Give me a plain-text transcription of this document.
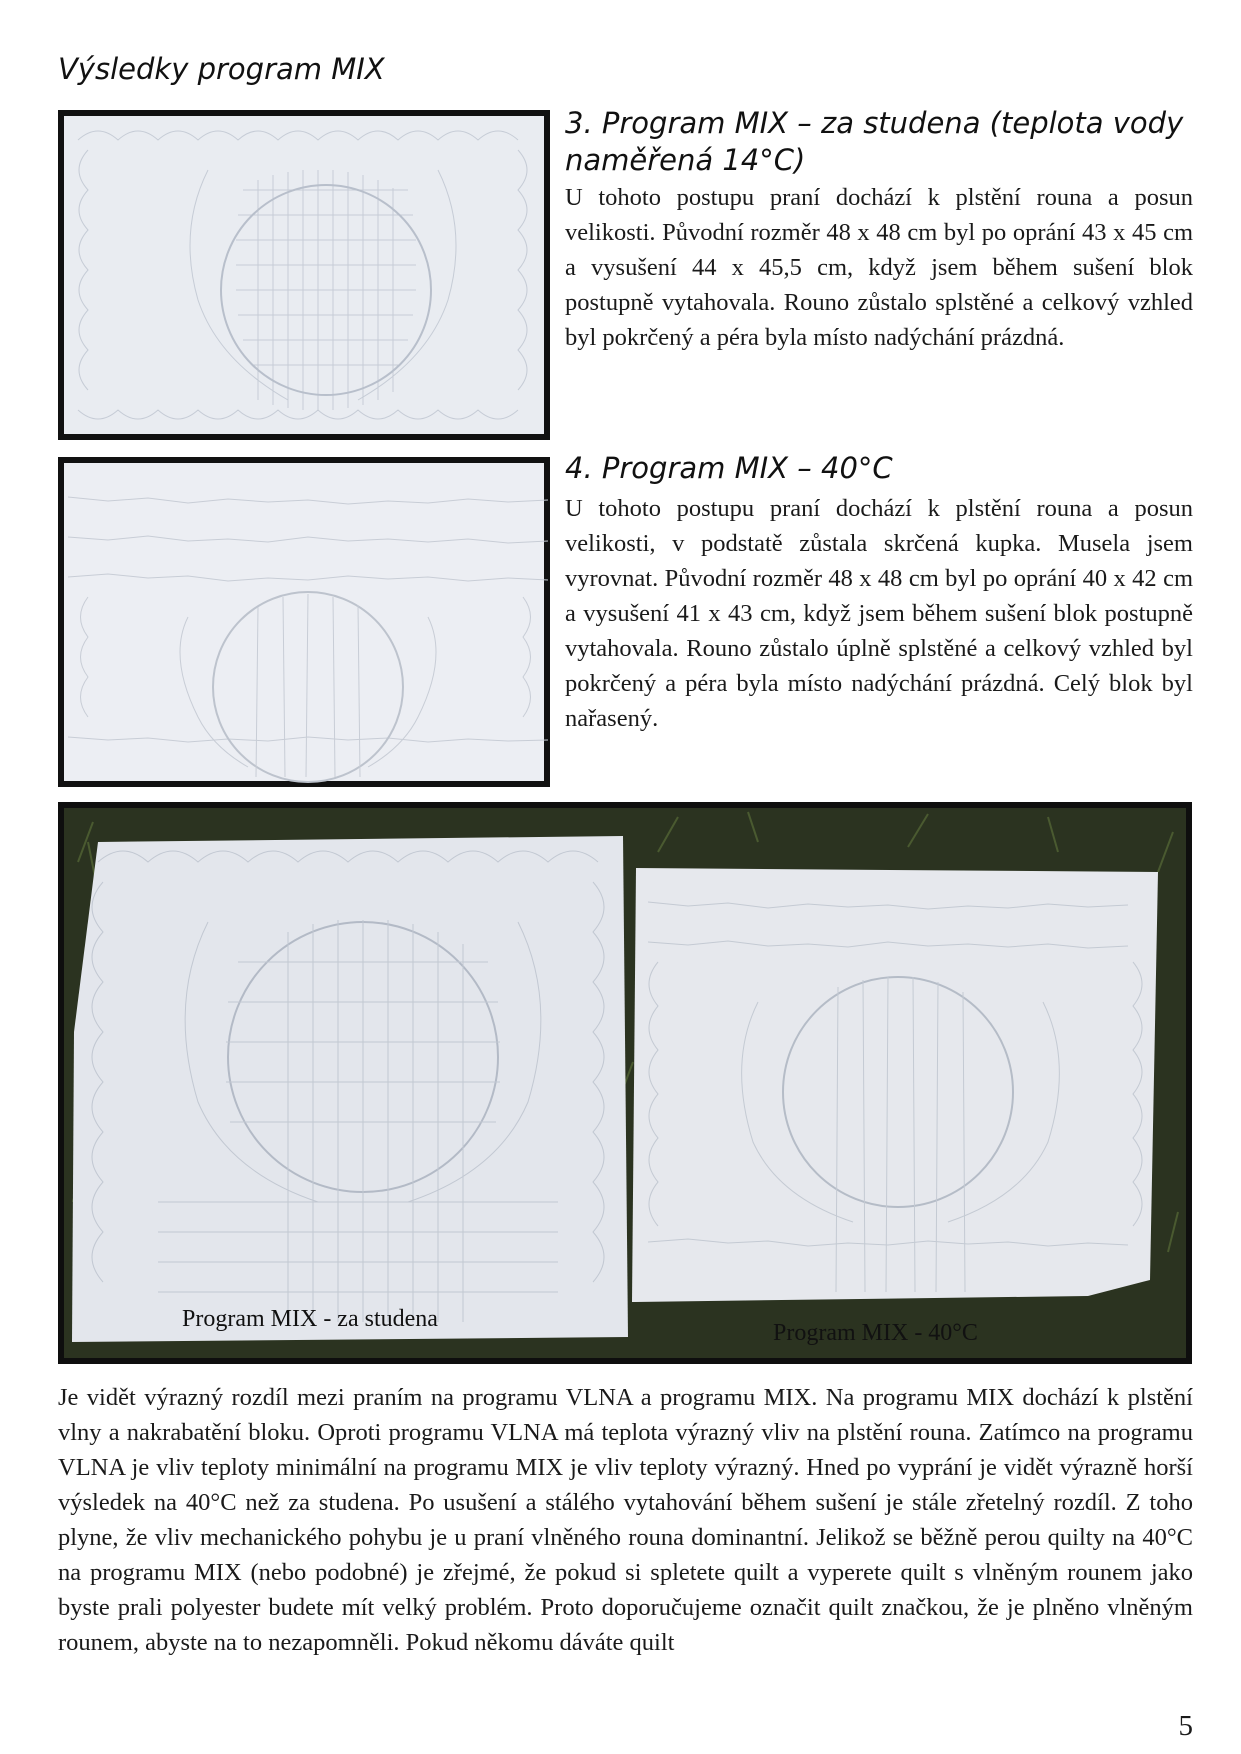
Výsledky program MIX
3. Program MIX – za studena (teplota vody naměřená 14°C)
U tohoto postupu praní dochází k plstění rouna a posun velikosti. Původní rozměr 48 x 48 cm byl po oprání 43 x 45 cm a vysušení 44 x 45,5 cm, když jsem během sušení blok postupně vytahovala. Rouno zůstalo splstěné a celkový vzhled byl pokrčený a péra byla místo nadýchání prázdná.
4. Program MIX – 40°C
U tohoto postupu praní dochází k plstění rouna a posun velikosti, v podstatě zůstala skrčená kupka. Musela jsem vyrovnat. Původní rozměr 48 x 48 cm byl po oprání 40 x 42 cm a vysušení 41 x 43 cm, když jsem během sušení blok postupně vytahovala. Rouno zůstalo úplně splstěné a celkový vzhled byl pokrčený a péra byla místo nadýchání prázdná. Celý blok byl nařasený.
Program MIX - za studena
Program MIX - 40°C
Je vidět výrazný rozdíl mezi praním na programu VLNA a programu MIX. Na programu MIX dochází k plstění vlny a nakrabatění bloku. Oproti programu VLNA má teplota výrazný vliv na plstění rouna. Zatímco na programu VLNA je vliv teploty minimální na programu MIX je vliv teploty výrazný. Hned po vyprání je vidět výrazně horší výsledek na 40°C než za studena. Po usušení a stálého vytahování během sušení je stále zřetelný rozdíl. Z toho plyne, že vliv mechanického pohybu je u praní vlněného rouna dominantní. Jelikož se běžně perou quilty na 40°C na programu MIX (nebo podobné) je zřejmé, že pokud si spletete quilt a vyperete quilt s vlněným rounem jako byste prali polyester budete mít velký problém. Proto doporučujeme označit quilt značkou, že je plněno vlněným rounem, abyste na to nezapomněli. Pokud někomu dáváte quilt
5
